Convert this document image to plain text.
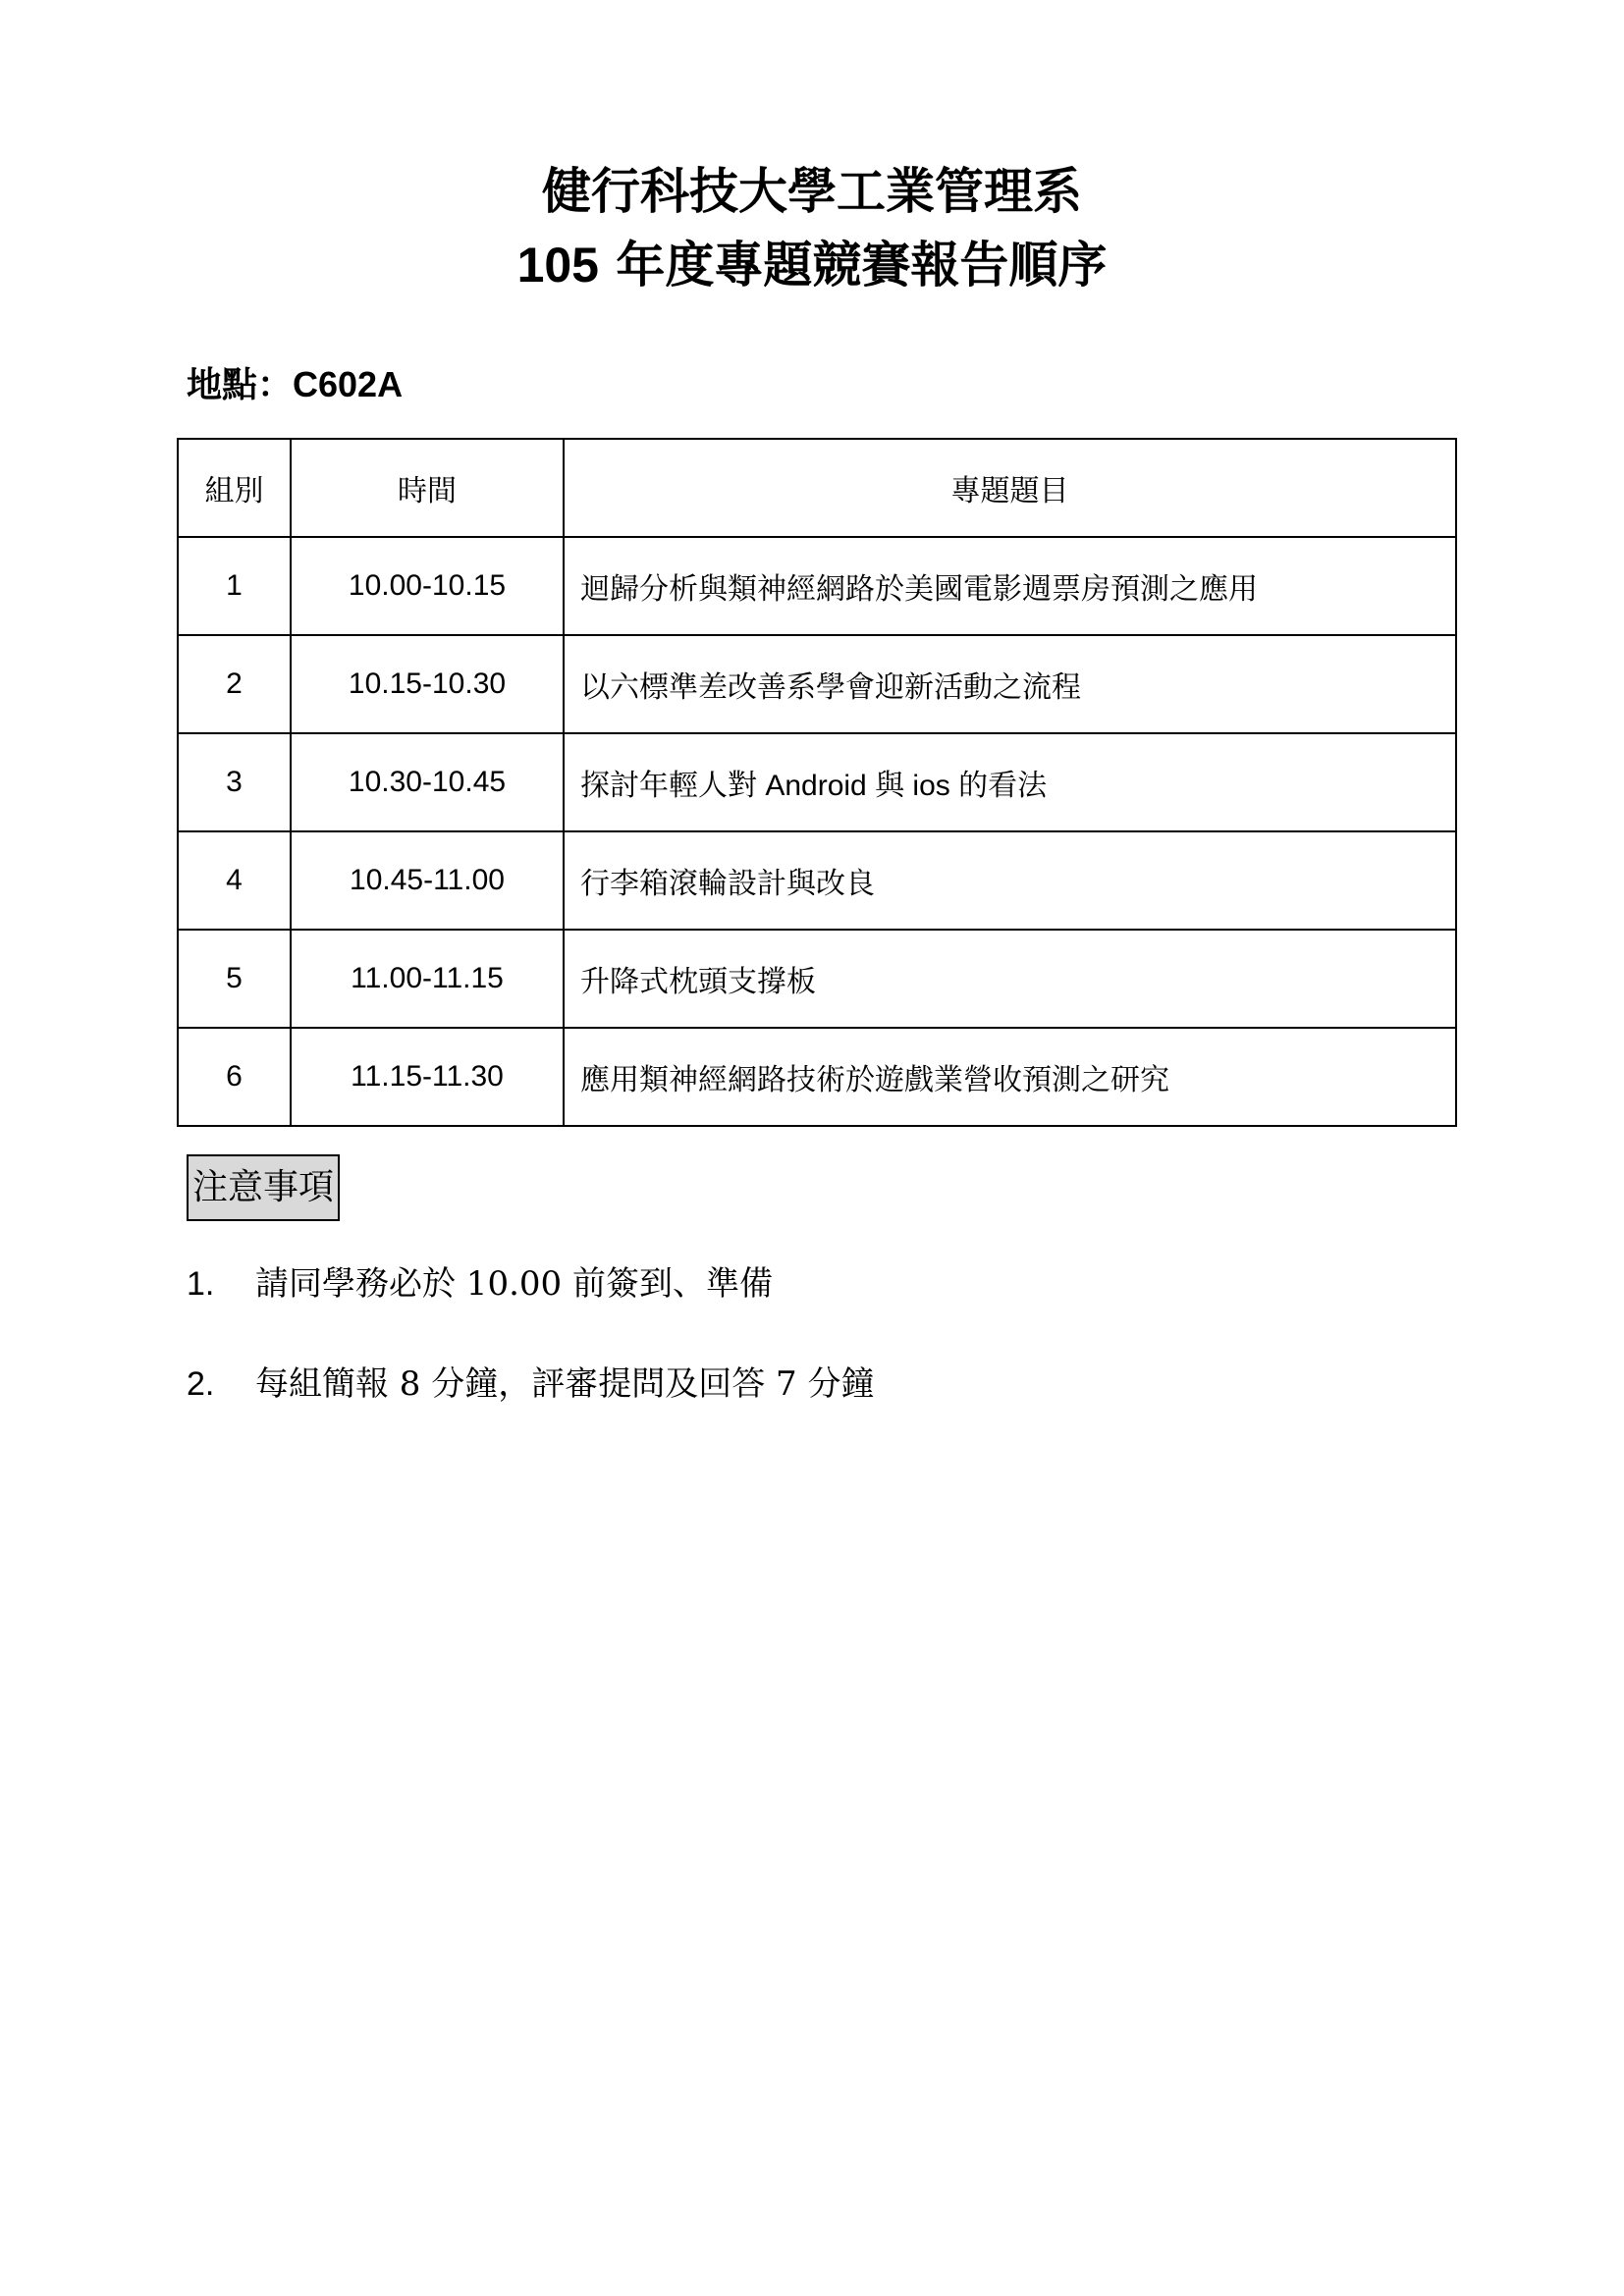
健行科技大學工業管理系
105 年度專題競賽報告順序
地點：C602A
組別	時間	專題題目
1	10.00-10.15	迴歸分析與類神經網路於美國電影週票房預測之應用
2	10.15-10.30	以六標準差改善系學會迎新活動之流程
3	10.30-10.45	探討年輕人對 Android 與 ios 的看法
4	10.45-11.00	行李箱滾輪設計與改良
5	11.00-11.15	升降式枕頭支撐板
6	11.15-11.30	應用類神經網路技術於遊戲業營收預測之研究
注意事項
1. 請同學務必於 10.00 前簽到、準備
2. 每組簡報 8 分鐘，評審提問及回答 7 分鐘
